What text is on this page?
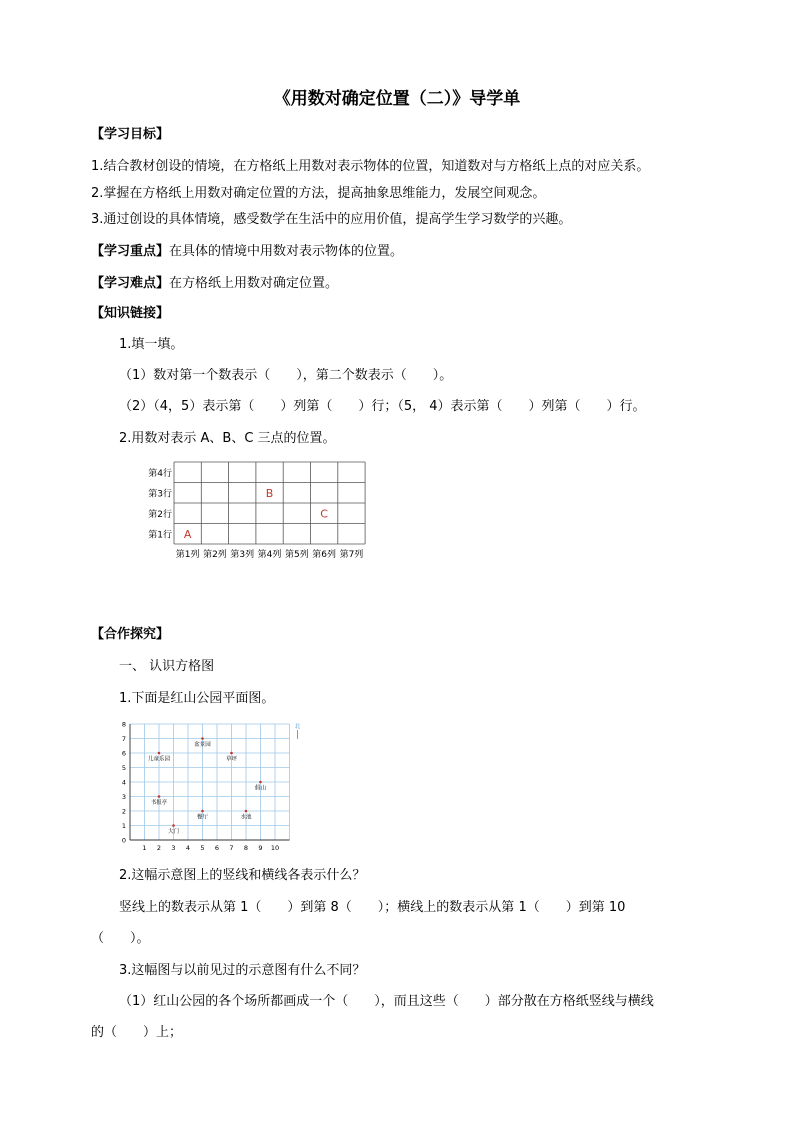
《用数对确定位置（二）》导学单
【学习目标】
1.结合教材创设的情境，在方格纸上用数对表示物体的位置，知道数对与方格纸上点的对应关系。
2.掌握在方格纸上用数对确定位置的方法，提高抽象思维能力，发展空间观念。
3.通过创设的具体情境，感受数学在生活中的应用价值，提高学生学习数学的兴趣。
【学习重点】在具体的情境中用数对表示物体的位置。
【学习难点】在方格纸上用数对确定位置。
【知识链接】
1.填一填。
（1）数对第一个数表示（　　），第二个数表示（　　）。
（2）（4，5）表示第（　　）列第（　　）行；（5， 4）表示第（　　）列第（　　）行。
2.用数对表示 A、B、C 三点的位置。
第4行
第3行
第2行
第1行
第1列 第2列 第3列 第4列 第5列 第6列 第7列
A
B
C
【合作探究】
一、 认识方格图
1.下面是红山公园平面图。
0
1
2
3
4
5
6
7
8
1 2 3 4 5 6 7 8 9 10
北
儿童乐园
盆景园
草坪
假山
书报亭
餐厅	水池
大门
2.这幅示意图上的竖线和横线各表示什么？
竖线上的数表示从第 1（　　）到第 8（　　）；横线上的数表示从第 1（　　）到第 10
（　　）。
3.这幅图与以前见过的示意图有什么不同？
（1）红山公园的各个场所都画成一个（　　），而且这些（　　）部分散在方格纸竖线与横线
的（　　）上；
